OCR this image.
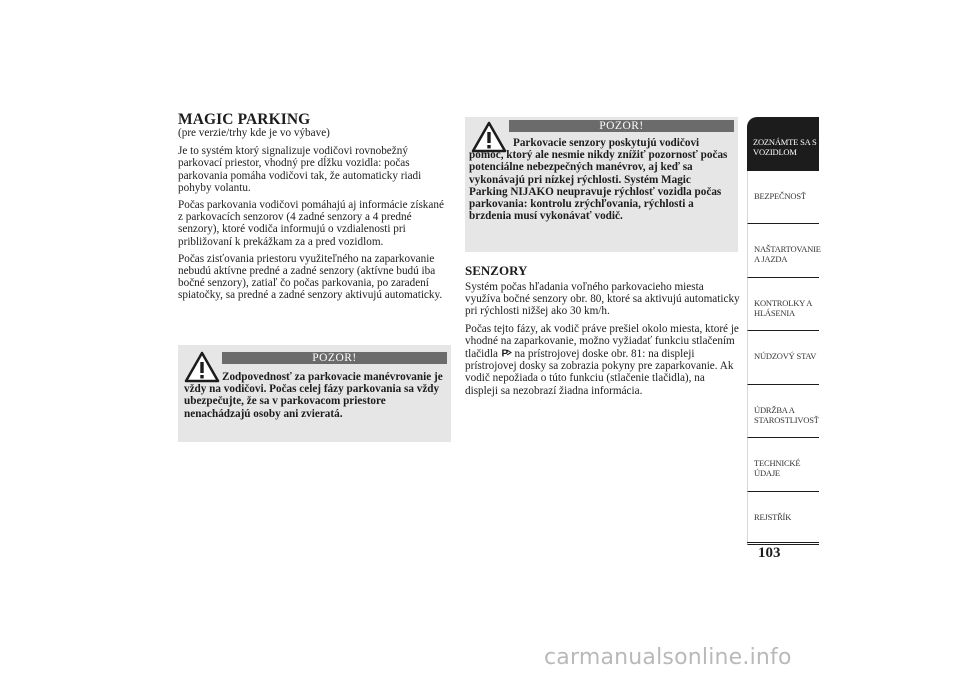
MAGIC PARKING

(pre verzie/trhy kde je vo výbave)

Je to systém ktorý signalizuje vodičovi rovnobežný parkovací priestor, vhodný pre dĺžku vozidla: počas parkovania pomáha vodičovi tak, že automaticky riadi pohyby volantu.

Počas parkovania vodičovi pomáhajú aj informácie získané z parkovacích senzorov (4 zadné senzory a 4 predné senzory), ktoré vodiča informujú o vzdialenosti pri približovaní k prekážkam za a pred vozidlom.

Počas zisťovania priestoru využiteľného na zaparkovanie nebudú aktívne predné a zadné senzory (aktívne budú iba bočné senzory), zatiaľ čo počas parkovania, po zaradení spiatočky, sa predné a zadné senzory aktivujú automaticky.

POZOR!
Zodpovednosť za parkovacie manévrovanie je vždy na vodičovi. Počas celej fázy parkovania sa vždy ubezpečujte, že sa v parkovacom priestore nenachádzajú osoby ani zvieratá.
POZOR!
Parkovacie senzory poskytujú vodičovi pomoc, ktorý ale nesmie nikdy znížiť pozornosť počas potenciálne nebezpečných manévrov, aj keď sa vykonávajú pri nízkej rýchlosti. Systém Magic Parking NIJAKO neupravuje rýchlosť vozidla počas parkovania: kontrolu zrýchľovania, rýchlosti a brzdenia musí vykonávať vodič.
SENZORY

Systém počas hľadania voľného parkovacieho miesta využíva bočné senzory obr. 80, ktoré sa aktivujú automaticky pri rýchlosti nižšej ako 30 km/h.

Počas tejto fázy, ak vodič práve prešiel okolo miesta, ktoré je vhodné na zaparkovanie, možno vyžiadať funkciu stlačením tlačidla P na prístrojovej doske obr. 81: na displeji prístrojovej dosky sa zobrazia pokyny pre zaparkovanie. Ak vodič nepožiada o túto funkciu (stlačenie tlačidla), na displeji sa nezobrazí žiadna informácia.

ZOZNÁMTE SA S
VOZIDLOM
BEZPEČNOSŤ
NAŠTARTOVANIE
A JAZDA
KONTROLKY A
HLÁSENIA
NÚDZOVÝ STAV
ÚDRŽBA A
STAROSTLIVOSŤ
TECHNICKÉ
ÚDAJE
REJSTŘÍK
103
carmanualsonline.info
